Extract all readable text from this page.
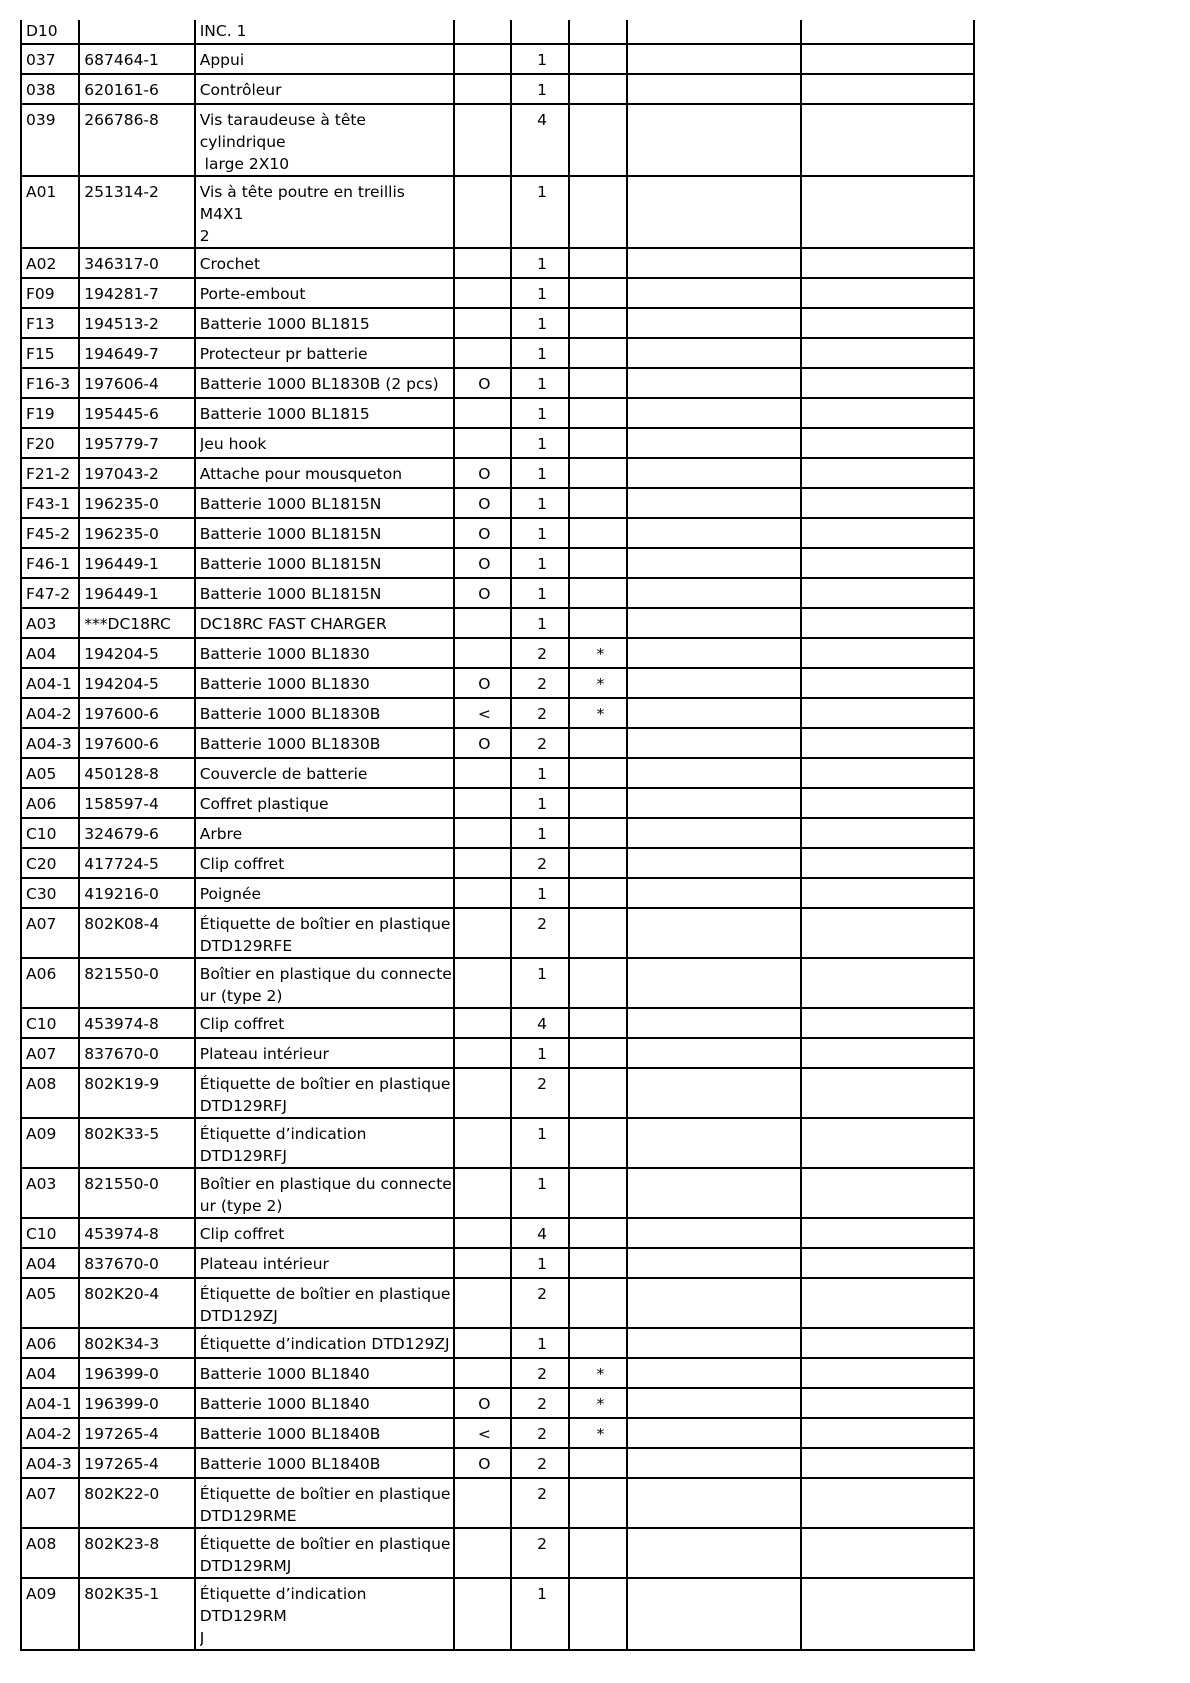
D10		INC. 1					

037	687464-1	Appui		1			

038	620161-6	Contrôleur		1			

039	266786-8	Vis taraudeuse à tête cylindrique
large 2X10		4			

A01	251314-2	Vis à tête poutre en treillis M4X1
2		1			

A02	346317-0	Crochet		1			

F09	194281-7	Porte-embout		1			

F13	194513-2	Batterie 1000 BL1815		1			

F15	194649-7	Protecteur pr batterie		1			

F16-3	197606-4	Batterie 1000 BL1830B (2 pcs)	O	1			

F19	195445-6	Batterie 1000 BL1815		1			

F20	195779-7	Jeu hook		1			

F21-2	197043-2	Attache pour mousqueton	O	1			

F43-1	196235-0	Batterie 1000 BL1815N	O	1			

F45-2	196235-0	Batterie 1000 BL1815N	O	1			

F46-1	196449-1	Batterie 1000 BL1815N	O	1			

F47-2	196449-1	Batterie 1000 BL1815N	O	1			

A03	***DC18RC	DC18RC FAST CHARGER		1			

A04	194204-5	Batterie 1000 BL1830		2	*		

A04-1	194204-5	Batterie 1000 BL1830	O	2	*		

A04-2	197600-6	Batterie 1000 BL1830B	<	2	*		

A04-3	197600-6	Batterie 1000 BL1830B	O	2			

A05	450128-8	Couvercle de batterie		1			

A06	158597-4	Coffret plastique		1			

C10	324679-6	Arbre		1			

C20	417724-5	Clip coffret		2			

C30	419216-0	Poignée		1			

A07	802K08-4	Étiquette de boîtier en plastique
DTD129RFE		2			

A06	821550-0	Boîtier en plastique du connecte
ur (type 2)		1			

C10	453974-8	Clip coffret		4			

A07	837670-0	Plateau intérieur		1			

A08	802K19-9	Étiquette de boîtier en plastique
DTD129RFJ		2			

A09	802K33-5	Étiquette d’indication DTD129RFJ		1			

A03	821550-0	Boîtier en plastique du connecte
ur (type 2)		1			

C10	453974-8	Clip coffret		4			

A04	837670-0	Plateau intérieur		1			

A05	802K20-4	Étiquette de boîtier en plastique
DTD129ZJ		2			

A06	802K34-3	Étiquette d’indication DTD129ZJ		1			

A04	196399-0	Batterie 1000 BL1840		2	*		

A04-1	196399-0	Batterie 1000 BL1840	O	2	*		

A04-2	197265-4	Batterie 1000 BL1840B	<	2	*		

A04-3	197265-4	Batterie 1000 BL1840B	O	2			

A07	802K22-0	Étiquette de boîtier en plastique
DTD129RME		2			

A08	802K23-8	Étiquette de boîtier en plastique
DTD129RMJ		2			

A09	802K35-1	Étiquette d’indication DTD129RM
J		1			
